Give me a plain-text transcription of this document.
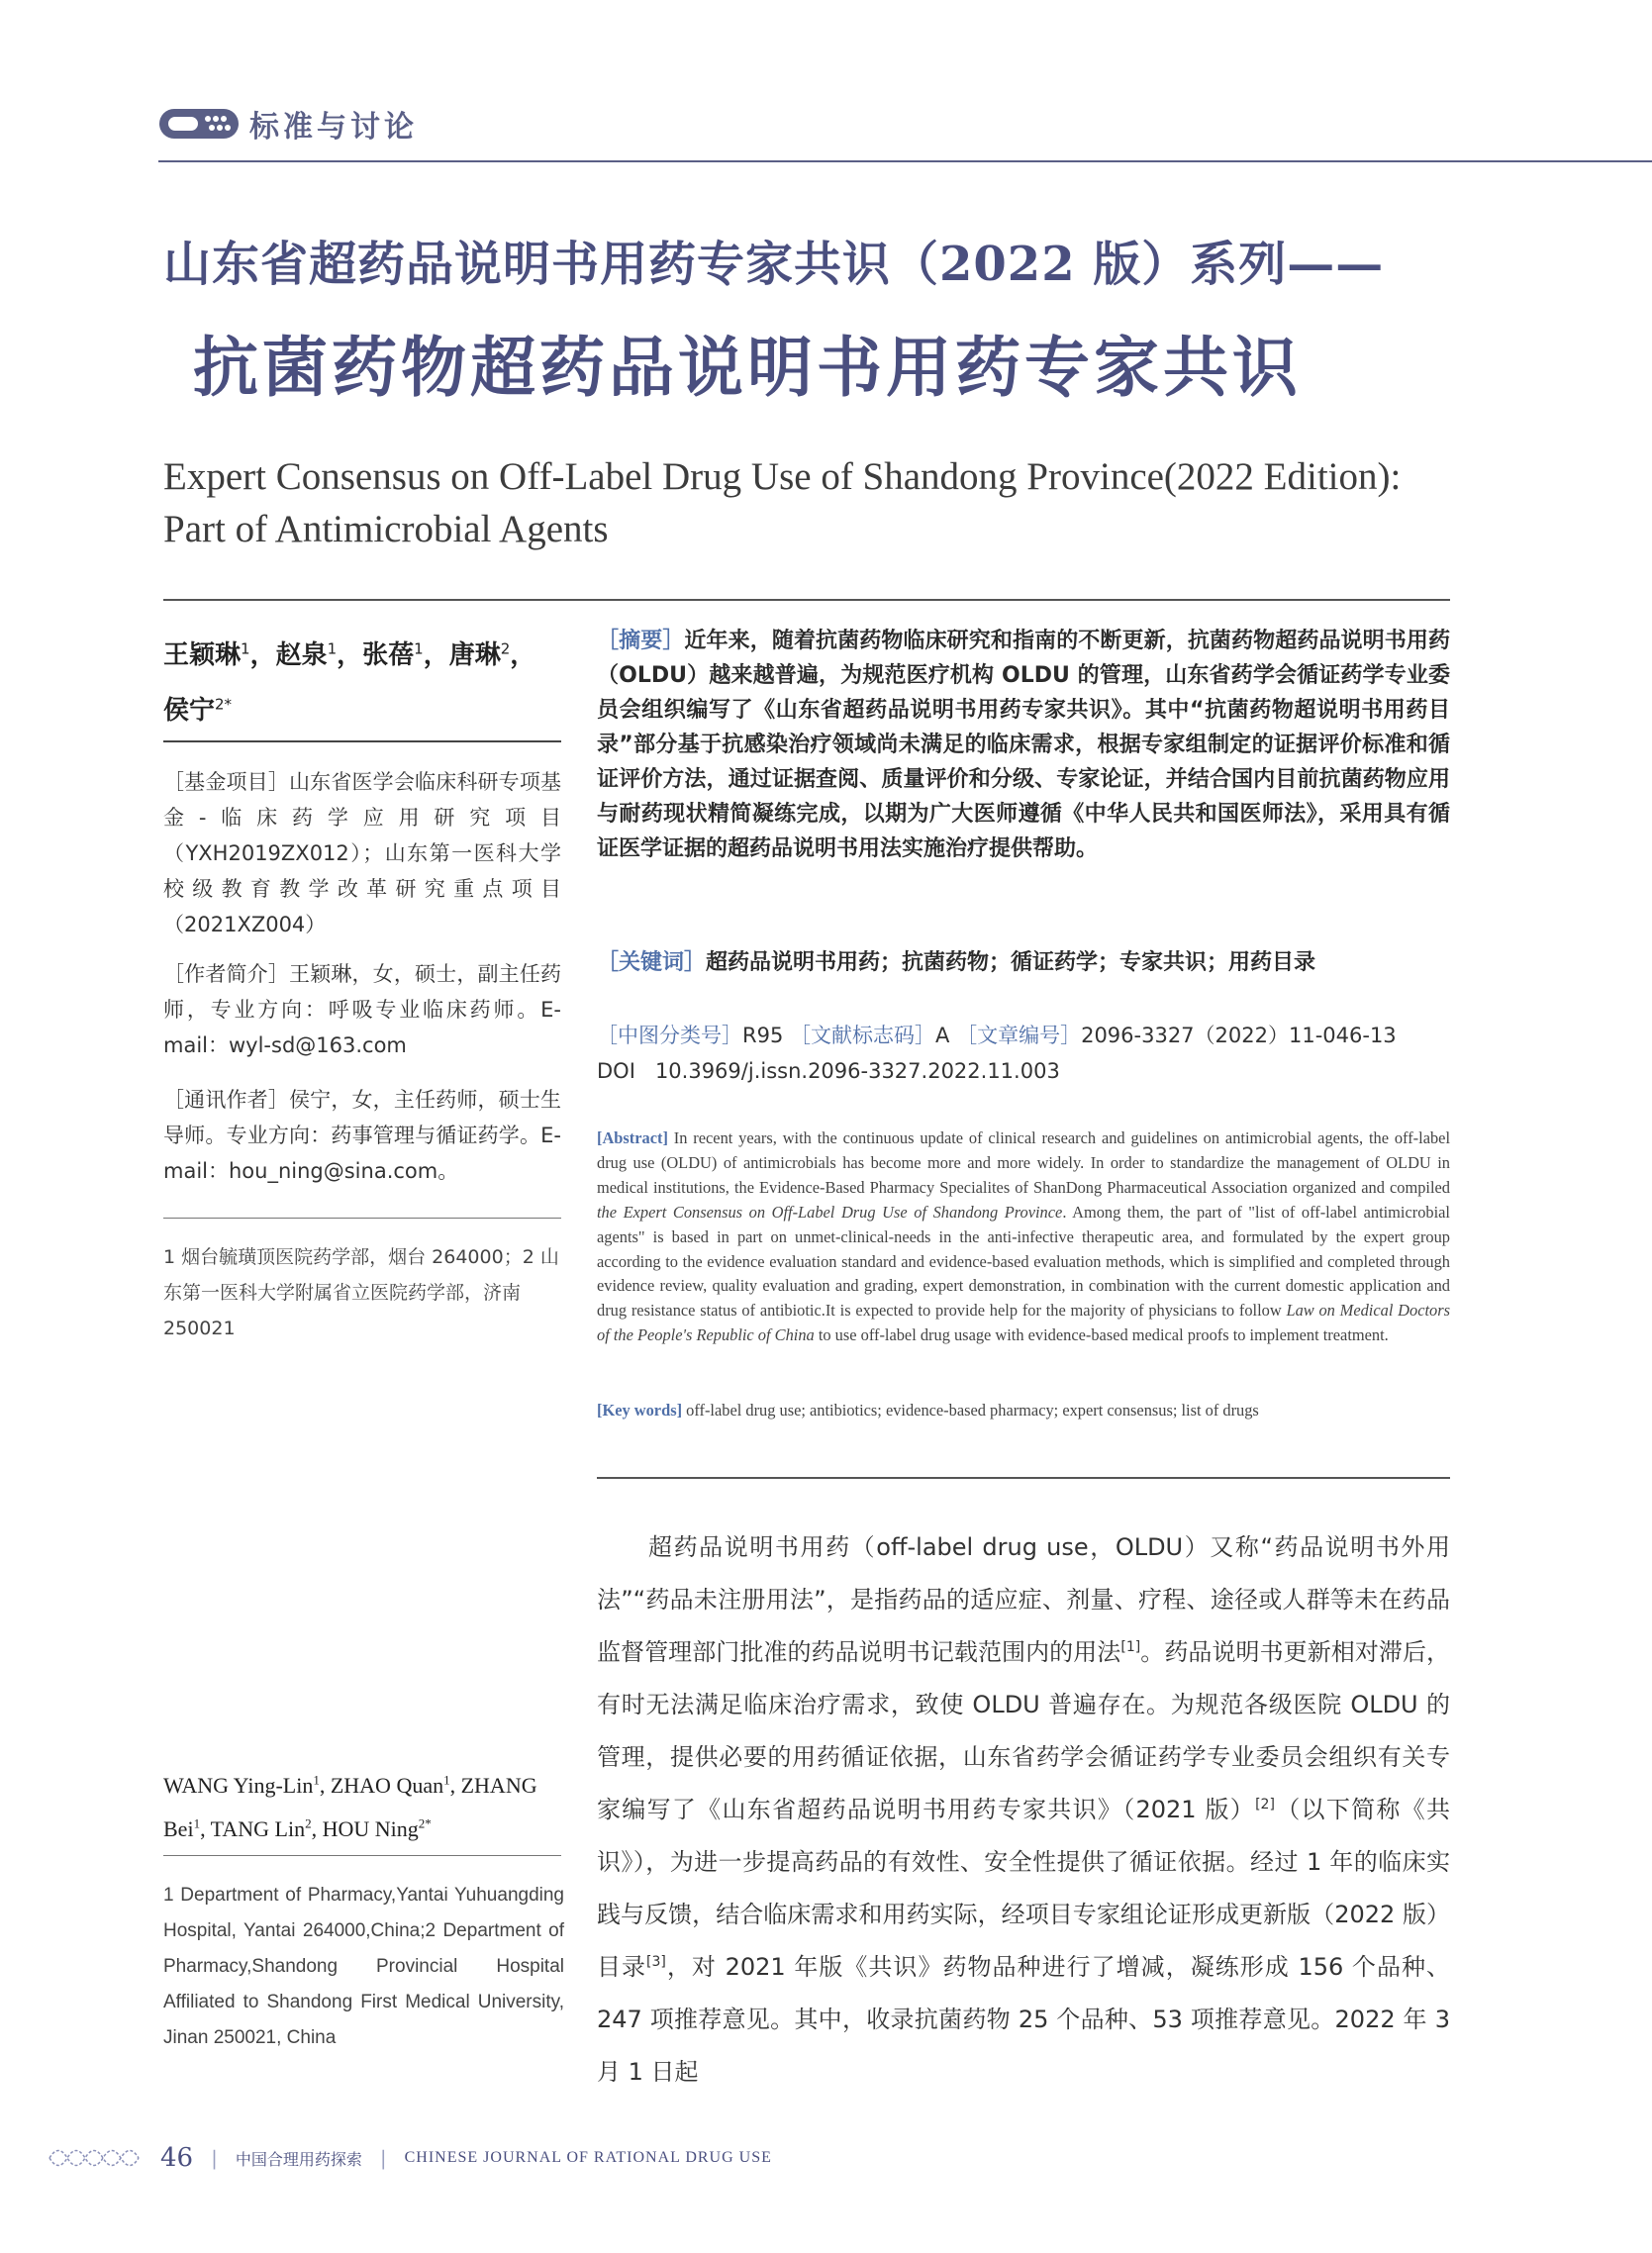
标准与讨论
山东省超药品说明书用药专家共识（2022 版）系列——
抗菌药物超药品说明书用药专家共识
Expert Consensus on Off-Label Drug Use of Shandong Province(2022 Edition): Part of Antimicrobial Agents
王颖琳$^1$，赵泉$^1$，张蓓$^1$，唐琳$^2$，
侯宁$^{2*}$
［基金项目］山东省医学会临床科研专项基金-临床药学应用研究项目（YXH2019ZX012）；山东第一医科大学校级教育教学改革研究重点项目（2021XZ004）
［作者简介］王颖琳，女，硕士，副主任药师，专业方向：呼吸专业临床药师。E-mail：wyl-sd@163.com
［通讯作者］侯宁，女，主任药师，硕士生导师。专业方向：药事管理与循证药学。E-mail：hou_ning@sina.com。
1 烟台毓璜顶医院药学部，烟台 264000；2 山东第一医科大学附属省立医院药学部，济南 250021
WANG Ying-Lin$^1$, ZHAO Quan$^1$, ZHANG Bei$^1$, TANG Lin$^2$, HOU Ning$^{2*}$
1 Department of Pharmacy,Yantai Yuhuangding Hospital, Yantai 264000,China;2 Department of Pharmacy,Shandong Provincial Hospital Affiliated to Shandong First Medical University, Jinan 250021, China
［摘要］近年来，随着抗菌药物临床研究和指南的不断更新，抗菌药物超药品说明书用药（OLDU）越来越普遍，为规范医疗机构 OLDU 的管理，山东省药学会循证药学专业委员会组织编写了《山东省超药品说明书用药专家共识》。其中“抗菌药物超说明书用药目录”部分基于抗感染治疗领域尚未满足的临床需求，根据专家组制定的证据评价标准和循证评价方法，通过证据查阅、质量评价和分级、专家论证，并结合国内目前抗菌药物应用与耐药现状精简凝练完成，以期为广大医师遵循《中华人民共和国医师法》，采用具有循证医学证据的超药品说明书用法实施治疗提供帮助。
［关键词］超药品说明书用药；抗菌药物；循证药学；专家共识；用药目录
［中图分类号］R95 ［文献标志码］A ［文章编号］2096-3327（2022）11-046-13
DOI 10.3969/j.issn.2096-3327.2022.11.003
[Abstract] In recent years, with the continuous update of clinical research and guidelines on antimicrobial agents, the off-label drug use (OLDU) of antimicrobials has become more and more widely. In order to standardize the management of OLDU in medical institutions, the Evidence-Based Pharmacy Specialites of ShanDong Pharmaceutical Association organized and compiled the Expert Consensus on Off-Label Drug Use of Shandong Province. Among them, the part of "list of off-label antimicrobial agents" is based in part on unmet-clinical-needs in the anti-infective therapeutic area, and formulated by the expert group according to the evidence evaluation standard and evidence-based evaluation methods, which is simplified and completed through evidence review, quality evaluation and grading, expert demonstration, in combination with the current domestic application and drug resistance status of antibiotic.It is expected to provide help for the majority of physicians to follow Law on Medical Doctors of the People's Republic of China to use off-label drug usage with evidence-based medical proofs to implement treatment.
[Key words] off-label drug use; antibiotics; evidence-based pharmacy; expert consensus; list of drugs
超药品说明书用药（off-label drug use，OLDU）又称“药品说明书外用法”“药品未注册用法”，是指药品的适应症、剂量、疗程、途径或人群等未在药品监督管理部门批准的药品说明书记载范围内的用法[1]。药品说明书更新相对滞后，有时无法满足临床治疗需求，致使 OLDU 普遍存在。为规范各级医院 OLDU 的管理，提供必要的用药循证依据，山东省药学会循证药学专业委员会组织有关专家编写了《山东省超药品说明书用药专家共识》（2021 版）[2]（以下简称《共识》），为进一步提高药品的有效性、安全性提供了循证依据。经过 1 年的临床实践与反馈，结合临床需求和用药实际，经项目专家组论证形成更新版（2022 版）目录[3]，对 2021 年版《共识》药物品种进行了增减，凝练形成 156 个品种、247 项推荐意见。其中，收录抗菌药物 25 个品种、53 项推荐意见。2022 年 3 月 1 日起
46 | 中国合理用药探索 | CHINESE JOURNAL OF RATIONAL DRUG USE
